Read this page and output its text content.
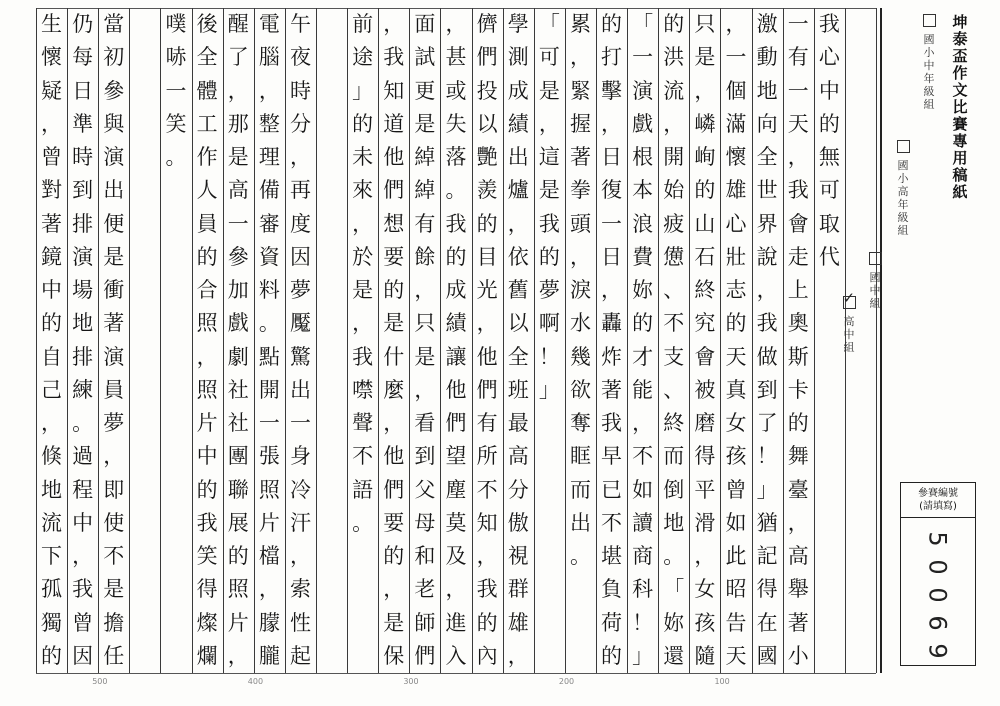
我
心
中
的
無
可
取
代
一
有
一
天
，
我
會
走
上
奧
斯
卡
的
舞
臺
，
高
舉
著
小
激
動
地
向
全
世
界
說
，
我
做
到
了
！
」
猶
記
得
在
國
，
一
個
滿
懷
雄
心
壯
志
的
天
真
女
孩
曾
如
此
昭
告
天
只
是
，
嶙
峋
的
山
石
終
究
會
被
磨
得
平
滑
，
女
孩
隨
的
洪
流
，
開
始
疲
憊
、
不
支
、
終
而
倒
地
。
「
妳
還
「
一
演
戲
根
本
浪
費
妳
的
才
能
，
不
如
讀
商
科
！
」
的
打
擊
，
日
復
一
日
，
轟
炸
著
我
早
已
不
堪
負
荷
的
累
，
緊
握
著
拳
頭
，
淚
水
幾
欲
奪
眶
而
出
。
「
可
是
，
這
是
我
的
夢
啊
！
」
學
測
成
績
出
爐
，
依
舊
以
全
班
最
高
分
傲
視
群
雄
，
儕
們
投
以
艷
羨
的
目
光
，
他
們
有
所
不
知
，
我
的
內
，
甚
或
失
落
。
我
的
成
績
讓
他
們
望
塵
莫
及
，
進
入
面
試
更
是
綽
綽
有
餘
，
只
是
，
看
到
父
母
和
老
師
們
，
我
知
道
他
們
想
要
的
是
什
麼
，
他
們
要
的
，
是
保
前
途
」
的
未
來
，
於
是
，
我
噤
聲
不
語
。
午
夜
時
分
，
再
度
因
夢
魘
驚
出
一
身
冷
汗
，
索
性
起
電
腦
，
整
理
備
審
資
料
。
點
開
一
張
照
片
檔
，
朦
朧
醒
了
，
那
是
高
一
參
加
戲
劇
社
社
團
聯
展
的
照
片
，
後
全
體
工
作
人
員
的
合
照
，
照
片
中
的
我
笑
得
燦
爛
噗
哧
一
笑
。
當
初
參
與
演
出
便
是
衝
著
演
員
夢
，
即
使
不
是
擔
任
仍
每
日
準
時
到
排
演
場
地
排
練
。
過
程
中
，
我
曾
因
生
懷
疑
，
曾
對
著
鏡
中
的
自
己
，
倏
地
流
下
孤
獨
的
100
200
300
400
500
國
小
中
年
級
組
國
小
高
年
級
組
國
中
組
✓
高
中
組
坤
泰
盃
作
文
比
賽
專
用
稿
紙
參賽編號
(請填寫)
5
0
0
6
9
